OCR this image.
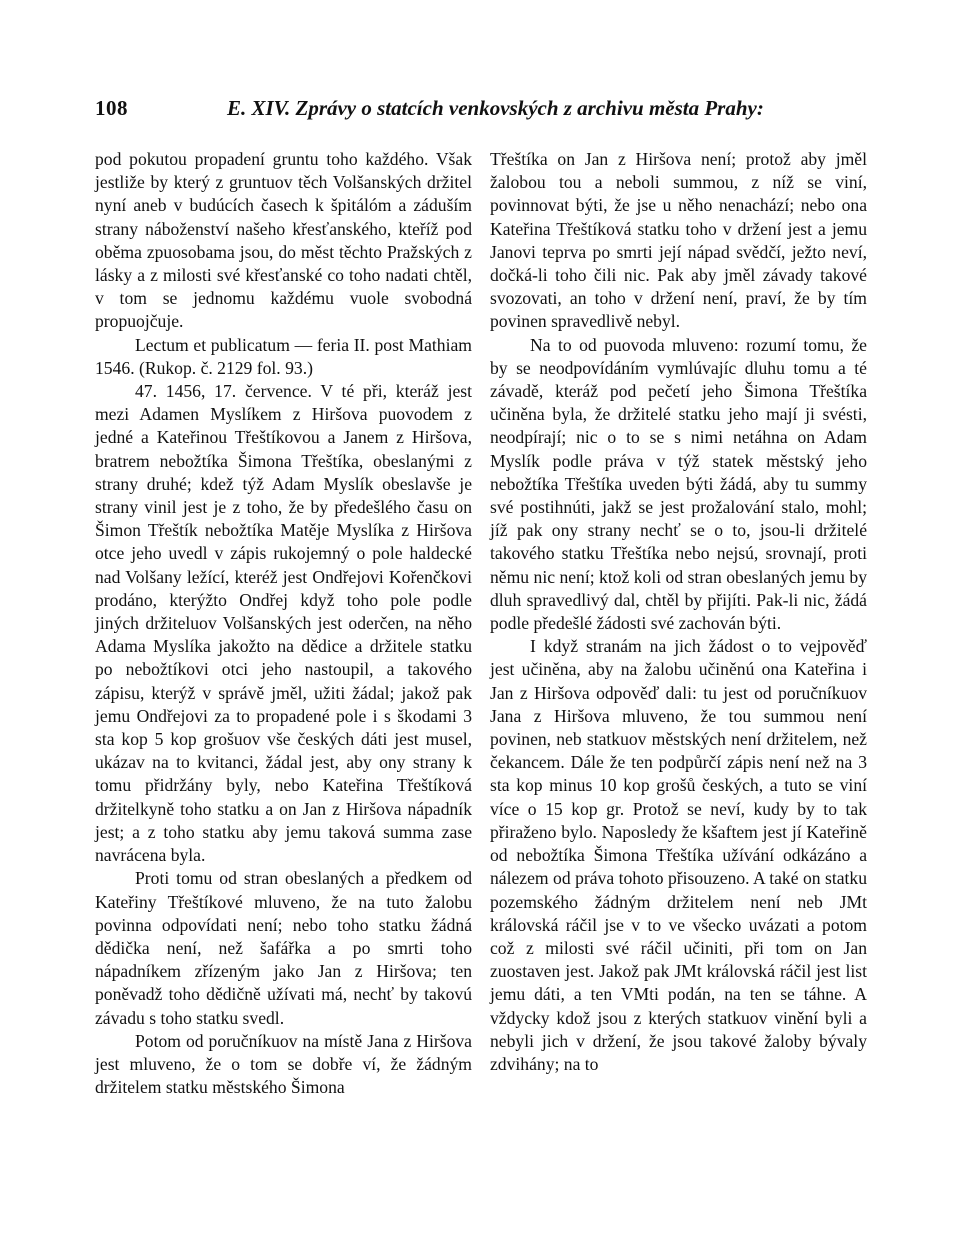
108	E. XIV. Zprávy o statcích venkovských z archivu města Prahy:

pod pokutou propadení gruntu toho každého. Však jestliže by který z gruntuov těch Volšanských držitel nyní aneb v budúcích časech k špitálóm a záduším strany náboženství našeho křesťanského, kteříž pod oběma zpuosobama jsou, do měst těchto Pražských z lásky a z milosti své křesťanské co toho nadati chtěl, v tom se jednomu každému vuole svobodná propuojčuje.

Lectum et publicatum — feria II. post Mathiam 1546. (Rukop. č. 2129 fol. 93.)

47. 1456, 17. července. V té při, kteráž jest mezi Adamen Myslíkem z Hiršova puovodem z jedné a Kateřinou Třeštíkovou a Janem z Hiršova, bratrem nebožtíka Šimona Třeštíka, obeslanými z strany druhé; kdež týž Adam Myslík obeslavše je strany vinil jest je z toho, že by předešlého času on Šimon Třeštík nebožtíka Matěje Myslíka z Hiršova otce jeho uvedl v zápis rukojemný o pole haldecké nad Volšany ležící, kteréž jest Ondřejovi Kořenčkovi prodáno, kterýžto Ondřej když toho pole podle jiných držiteluov Volšanských jest oderčen, na něho Adama Myslíka jakožto na dědice a držitele statku po nebožtíkovi otci jeho nastoupil, a takového zápisu, kterýž v správě jměl, užiti žádal; jakož pak jemu Ondřejovi za to propadené pole i s škodami 3 sta kop 5 kop grošuov vše českých dáti jest musel, ukázav na to kvitanci, žádal jest, aby ony strany k tomu přidržány byly, nebo Kateřina Třeštíková držitelkyně toho statku a on Jan z Hiršova nápadník jest; a z toho statku aby jemu taková summa zase navrácena byla.

Proti tomu od stran obeslaných a předkem od Kateřiny Třeštíkové mluveno, že na tuto žalobu povinna odpovídati není; nebo toho statku žádná dědička není, než šafářka a po smrti toho nápadníkem zřízeným jako Jan z Hiršova; ten poněvadž toho dědičně užívati má, nechť by takovú závadu s toho statku svedl.

Potom od poručníkuov na místě Jana z Hiršova jest mluveno, že o tom se dobře ví, že žádným držitelem statku městského Šimona

Třeštíka on Jan z Hiršova není; protož aby jměl žalobou tou a neboli summou, z níž se viní, povinnovat býti, že jse u něho nenachází; nebo ona Kateřina Třeštíková statku toho v držení jest a jemu Janovi teprva po smrti její nápad svědčí, ježto neví, dočká-li toho čili nic. Pak aby jměl závady takové svozovati, an toho v držení není, praví, že by tím povinen spravedlivě nebyl.

Na to od puovoda mluveno: rozumí tomu, že by se neodpovídáním vymlúvajíc dluhu tomu a té závadě, kteráž pod pečetí jeho Šimona Třeštíka učiněna byla, že držitelé statku jeho mají ji svésti, neodpírají; nic o to se s nimi netáhna on Adam Myslík podle práva v týž statek městský jeho nebožtíka Třeštíka uveden býti žádá, aby tu summy své postihnúti, jakž se jest prožalování stalo, mohl; jíž pak ony strany nechť se o to, jsou-li držitelé takového statku Třeštíka nebo nejsú, srovnají, proti němu nic není; ktož koli od stran obeslaných jemu by dluh spravedlivý dal, chtěl by přijíti. Pak-li nic, žádá podle předešlé žádosti své zachován býti.

I když stranám na jich žádost o to vejpověď jest učiněna, aby na žalobu učiněnú ona Kateřina i Jan z Hiršova odpověď dali: tu jest od poručníkuov Jana z Hiršova mluveno, že tou summou není povinen, neb statkuov městských není držitelem, než čekancem. Dále že ten podpůrčí zápis není než na 3 sta kop minus 10 kop grošů českých, a tuto se viní více o 15 kop gr. Protož se neví, kudy by to tak přiraženo bylo. Naposledy že kšaftem jest jí Kateřině od nebožtíka Šimona Třeštíka užívání odkázáno a nálezem od práva tohoto přisouzeno. A také on statku pozemského žádným držitelem není neb JMt královská ráčil jse v to ve všecko uvázati a potom což z milosti své ráčil učiniti, při tom on Jan zuostaven jest. Jakož pak JMt královská ráčil jest list jemu dáti, a ten VMti podán, na ten se táhne. A vždycky kdož jsou z kterých statkuov vinění byli a nebyli jich v držení, že jsou takové žaloby bývaly zdvihány; na to
